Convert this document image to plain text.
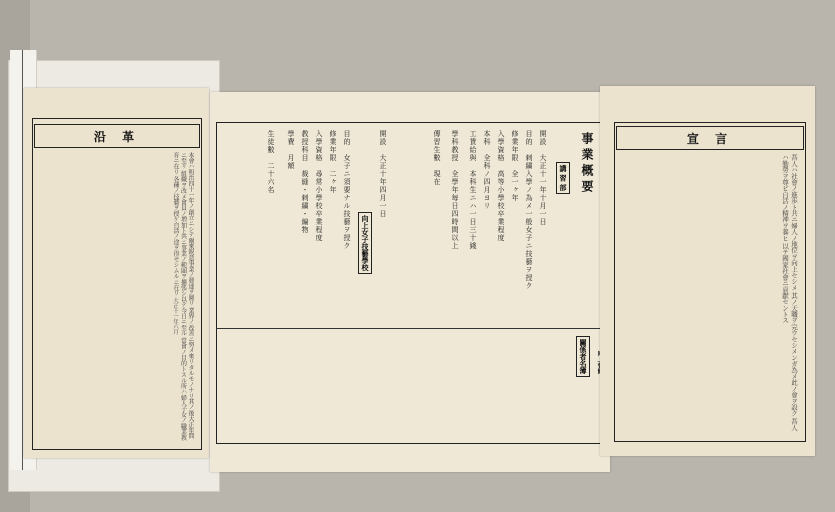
沿 革
本會ハ明治四十一年ノ創立ニシテ爾來鋭意事業ノ發達ヲ圖リ 業界ノ改善ニ努メ來リタルモノナリ其ノ後大正年間ニ至リ 組織ヲ改メ會員ノ増加ト共ニ事業ノ範圍ヲ擴張シ以テ今日ニ至ル 當會ノ目的トスル所ハ婦人子女ノ職業教育ニ在リ 各種ノ技藝ヲ授ケ自活ノ途ヲ得セシムルニ在リ 大正十一年六月
事業概要
講 習 部
開設　大正十一年十月一日
目的　刺繍入學ノ為メ一般女子ニ技藝ヲ授ク
修業年限　全一ヶ年
入學資格　高等小學校卒業程度
本科　全科ノ四月ヨリ
工賃給與　本科生ニハ一日三十錢
學科教授　全學年毎日四時間以上
傳習生數　現在
向上女子技藝學校
開設　大正十年四月一日
目的　女子ニ須要ナル技藝ヲ授ク
修業年限　二ヶ年
入學資格　尋常小學校卒業程度
教授科目　裁縫・刺繍・編物
學費　月額
生徒數　二十六名
關係者名簿
宣 言
吾人ハ社會ノ進歩ト共ニ婦人ノ地位ヲ向上セシメ 其ノ天職ヲ完ウセシメンガ為メ此ノ會ヲ設ク 吾人ハ勤勞ヲ尊ビ自活ノ精神ヲ養ヒ 以テ國家社會ニ貢獻セントス
